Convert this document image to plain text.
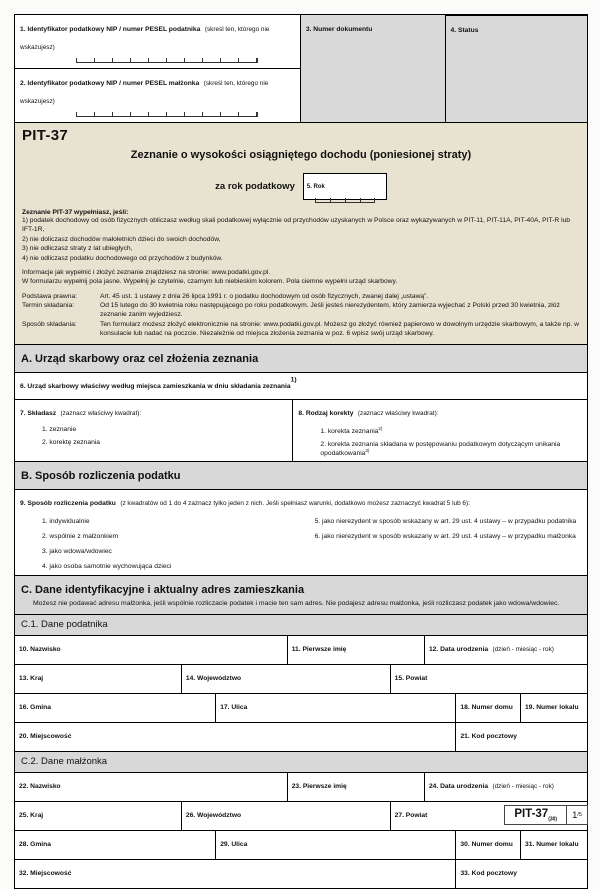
1. Identyfikator podatkowy NIP / numer PESEL podatnika (skreśl ten, którego nie wskazujesz)
2. Identyfikator podatkowy NIP / numer PESEL małżonka (skreśl ten, którego nie wskazujesz)
3. Numer dokumentu	4. Status
PIT-37
Zeznanie o wysokości osiągniętego dochodu (poniesionej straty)
za rok podatkowy	5. Rok
Zeznanie PIT-37 wypełniasz, jeśli:
1) podatek dochodowy od osób fizycznych obliczasz według skali podatkowej wyłącznie od przychodów uzyskanych w Polsce oraz wykazywanych w PIT-11, PIT-11A, PIT-40A, PIT-R lub IFT-1R,
2) nie doliczasz dochodów małoletnich dzieci do swoich dochodów,
3) nie odliczasz straty z lat ubiegłych,
4) nie odliczasz podatku dochodowego od przychodów z budynków.
Informacje jak wypełnić i złożyć zeznanie znajdziesz na stronie: www.podatki.gov.pl.
W formularzu wypełnij pola jasne. Wypełnij je czytelnie, czarnym lub niebieskim kolorem. Pola ciemne wypełni urząd skarbowy.
Podstawa prawna:	Art. 45 ust. 1 ustawy z dnia 26 lipca 1991 r. o podatku dochodowym od osób fizycznych, zwanej dalej „ustawą”.
Termin składania:	Od 15 lutego do 30 kwietnia roku następującego po roku podatkowym. Jeśli jesteś nierezydentem, który zamierza wyjechać z Polski przed 30 kwietnia, złóż zeznanie zanim wyjedziesz.
Sposób składania:	Ten formularz możesz złożyć elektronicznie na stronie: www.podatki.gov.pl. Możesz go złożyć również papierowo w dowolnym urzędzie skarbowym, a także np. w konsulacie lub nadać na poczcie. Niezależnie od miejsca złożenia zeznania w poz. 6 wpisz swój urząd skarbowy.
A. Urząd skarbowy oraz cel złożenia zeznania
6. Urząd skarbowy właściwy według miejsca zamieszkania w dniu składania zeznania$^{1)}$
7. Składasz (zaznacz właściwy kwadrat):
1. zeznanie
2. korektę zeznania
8. Rodzaj korekty (zaznacz właściwy kwadrat):
1. korekta zeznania$^{2)}$
2. korekta zeznania składana w postępowaniu podatkowym dotyczącym unikania opodatkowania$^{3)}$
B. Sposób rozliczenia podatku
9. Sposób rozliczenia podatku (z kwadratów od 1 do 4 zaznacz tylko jeden z nich. Jeśli spełniasz warunki, dodatkowo możesz zaznaczyć kwadrat 5 lub 6):
1. indywidualnie
2. wspólnie z małżonkiem
3. jako wdowa/wdowiec
4. jako osoba samotnie wychowująca dzieci
5. jako nierezydent w sposób wskazany w art. 29 ust. 4 ustawy – w przypadku podatnika
6. jako nierezydent w sposób wskazany w art. 29 ust. 4 ustawy – w przypadku małżonka
C. Dane identyfikacyjne i aktualny adres zamieszkania
Możesz nie podawać adresu małżonka, jeśli wspólnie rozliczacie podatek i macie ten sam adres. Nie podajesz adresu małżonka, jeśli rozliczasz podatek jako wdowa/wdowiec.
C.1. Dane podatnika
10. Nazwisko	11. Pierwsze imię	12. Data urodzenia (dzień - miesiąc - rok)
13. Kraj	14. Województwo	15. Powiat
16. Gmina	17. Ulica	18. Numer domu	19. Numer lokalu
20. Miejscowość	21. Kod pocztowy
C.2. Dane małżonka
22. Nazwisko	23. Pierwsze imię	24. Data urodzenia (dzień - miesiąc - rok)
25. Kraj	26. Województwo	27. Powiat
28. Gmina	29. Ulica	30. Numer domu	31. Numer lokalu
32. Miejscowość	33. Kod pocztowy
PIT-$37_{(30)}$	1 /5
